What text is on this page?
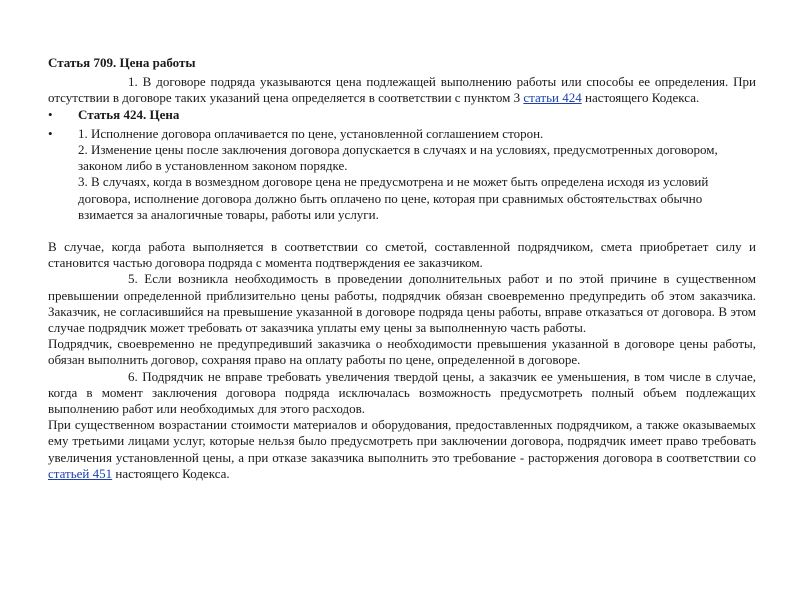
Статья 709. Цена работы

1. В договоре подряда указываются цена подлежащей выполнению работы или способы ее определения. При отсутствии в договоре таких указаний цена определяется в соответствии с пунктом 3 статьи 424 настоящего Кодекса.

•	Статья 424. Цена
•	1. Исполнение договора оплачивается по цене, установленной соглашением сторон.
2. Изменение цены после заключения договора допускается в случаях и на условиях, предусмотренных договором, законом либо в установленном законом порядке.
3. В случаях, когда в возмездном договоре цена не предусмотрена и не может быть определена исходя из условий договора, исполнение договора должно быть оплачено по цене, которая при сравнимых обстоятельствах обычно взимается за аналогичные товары, работы или услуги.

В случае, когда работа выполняется в соответствии со сметой, составленной подрядчиком, смета приобретает силу и становится частью договора подряда с момента подтверждения ее заказчиком.

5. Если возникла необходимость в проведении дополнительных работ и по этой причине в существенном превышении определенной приблизительно цены работы, подрядчик обязан своевременно предупредить об этом заказчика. Заказчик, не согласившийся на превышение указанной в договоре подряда цены работы, вправе отказаться от договора. В этом случае подрядчик может требовать от заказчика уплаты ему цены за выполненную часть работы.

Подрядчик, своевременно не предупредивший заказчика о необходимости превышения указанной в договоре цены работы, обязан выполнить договор, сохраняя право на оплату работы по цене, определенной в договоре.

6. Подрядчик не вправе требовать увеличения твердой цены, а заказчик ее уменьшения, в том числе в случае, когда в момент заключения договора подряда исключалась возможность предусмотреть полный объем подлежащих выполнению работ или необходимых для этого расходов.

При существенном возрастании стоимости материалов и оборудования, предоставленных подрядчиком, а также оказываемых ему третьими лицами услуг, которые нельзя было предусмотреть при заключении договора, подрядчик имеет право требовать увеличения установленной цены, а при отказе заказчика выполнить это требование - расторжения договора в соответствии со статьей 451 настоящего Кодекса.
